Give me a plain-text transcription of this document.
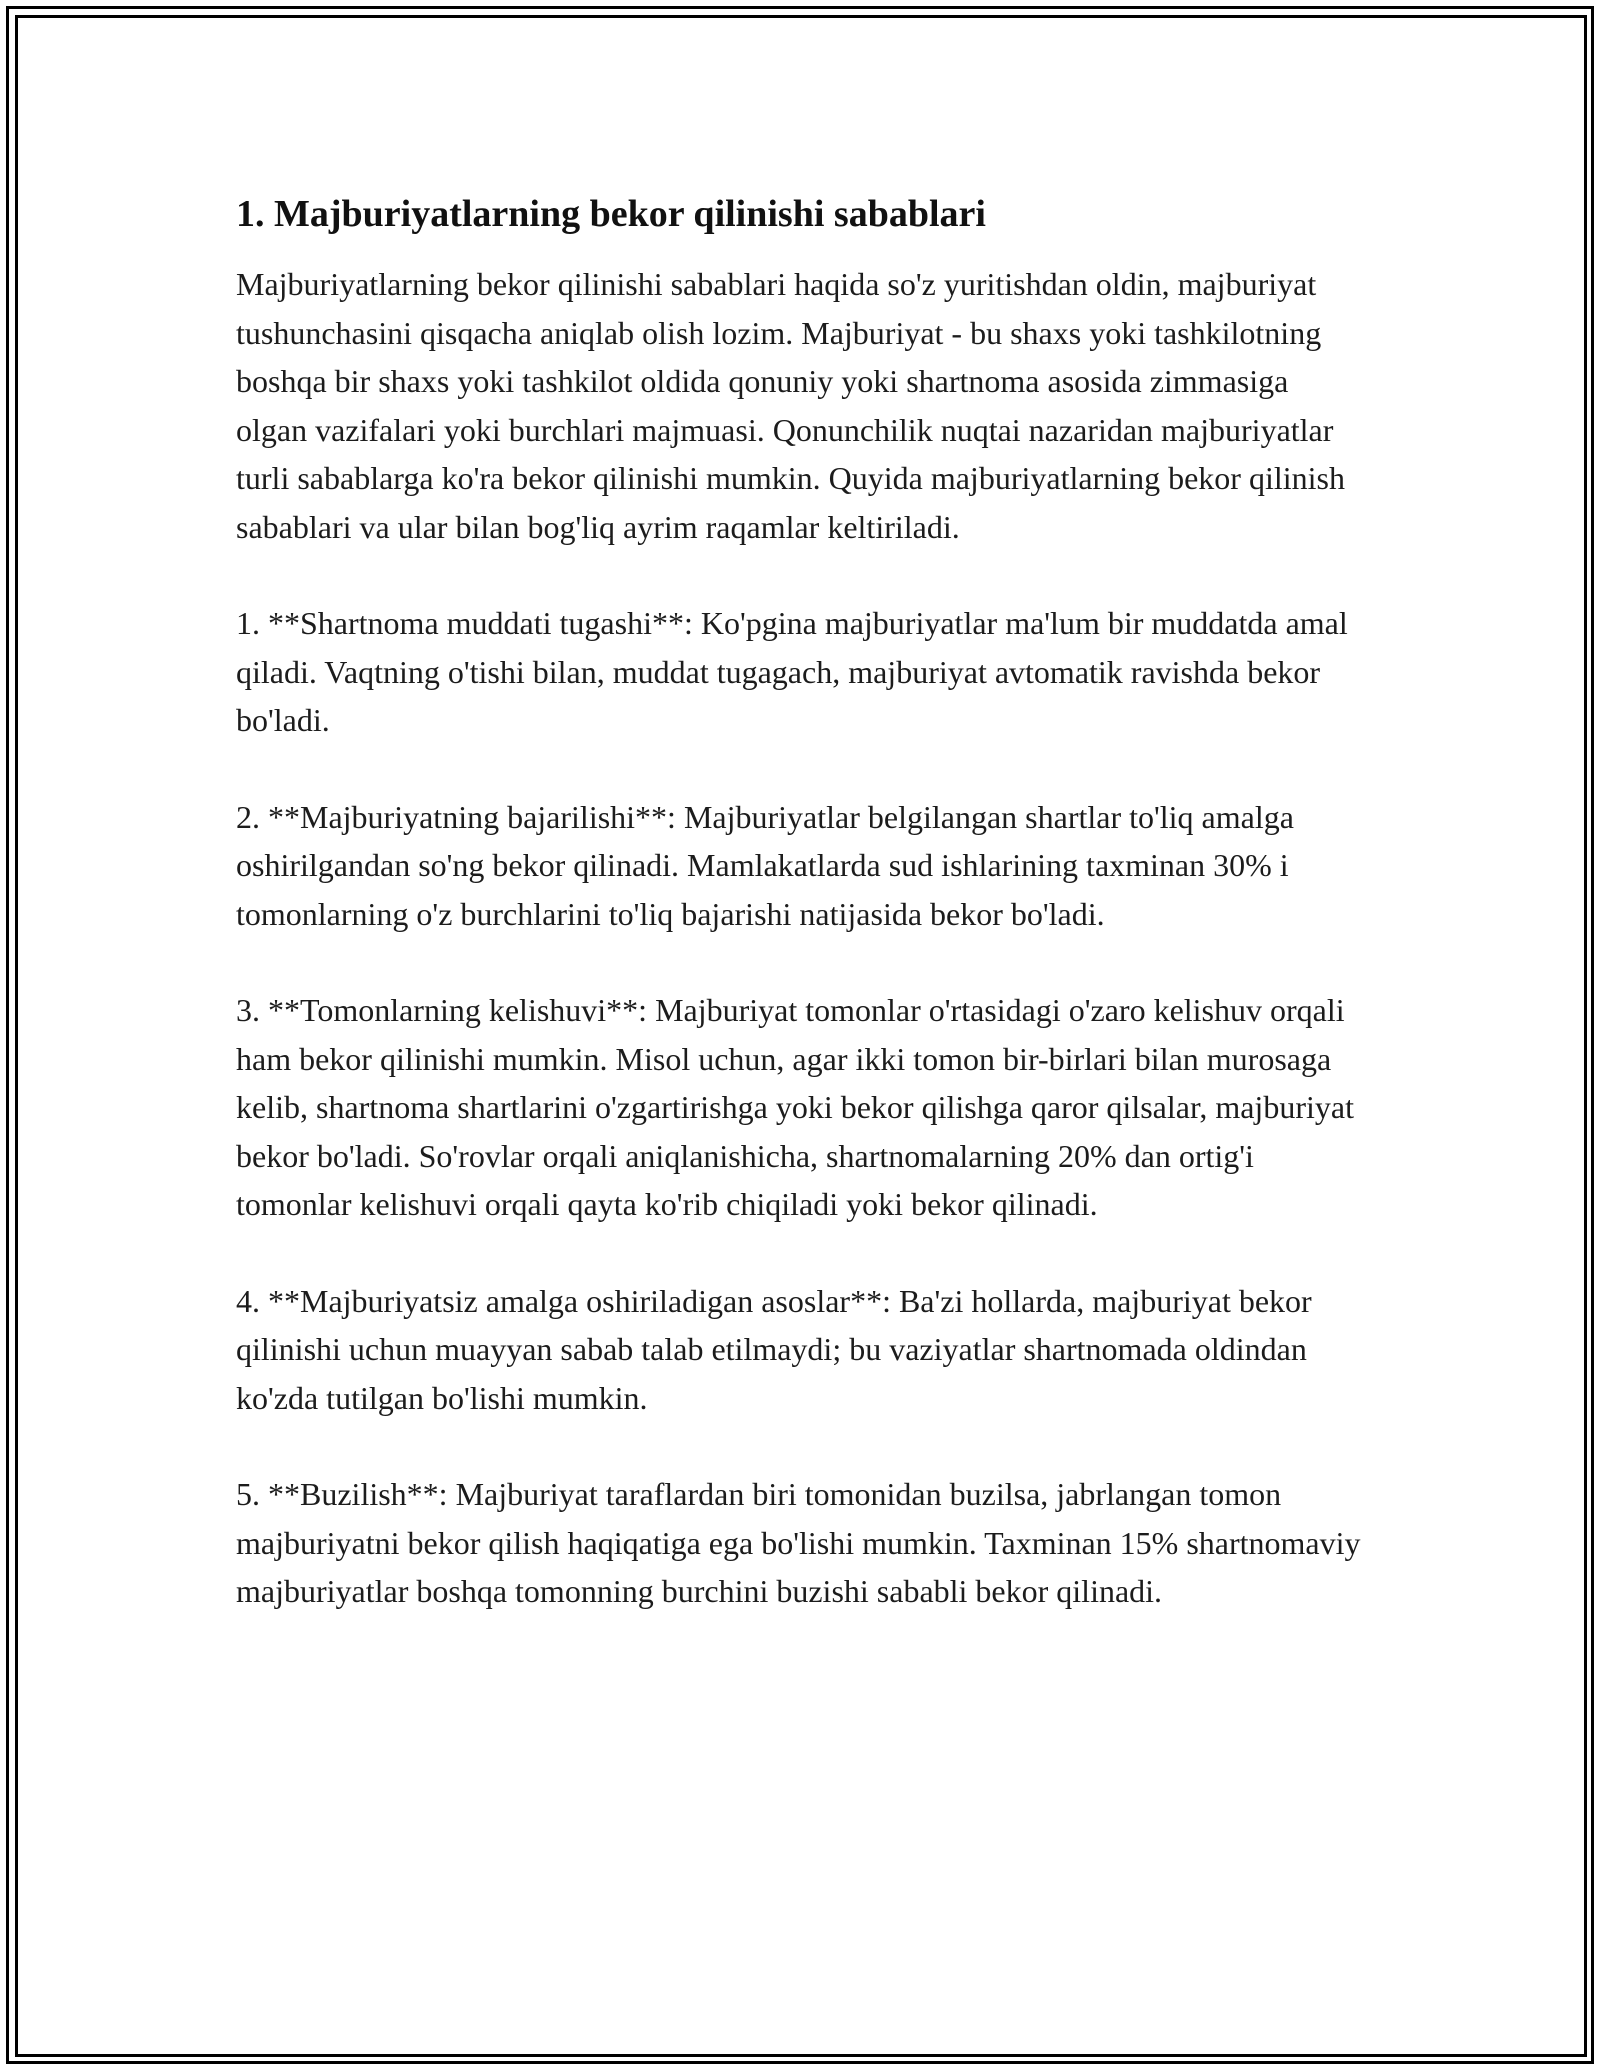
1. Majburiyatlarning bekor qilinishi sabablari

Majburiyatlarning bekor qilinishi sabablari haqida so'z yuritishdan oldin, majburiyat tushunchasini qisqacha aniqlab olish lozim. Majburiyat - bu shaxs yoki tashkilotning boshqa bir shaxs yoki tashkilot oldida qonuniy yoki shartnoma asosida zimmasiga olgan vazifalari yoki burchlari majmuasi. Qonunchilik nuqtai nazaridan majburiyatlar turli sabablarga ko'ra bekor qilinishi mumkin. Quyida majburiyatlarning bekor qilinish sabablari va ular bilan bog'liq ayrim raqamlar keltiriladi.

1. **Shartnoma muddati tugashi**: Ko'pgina majburiyatlar ma'lum bir muddatda amal qiladi. Vaqtning o'tishi bilan, muddat tugagach, majburiyat avtomatik ravishda bekor bo'ladi.

2. **Majburiyatning bajarilishi**: Majburiyatlar belgilangan shartlar to'liq amalga oshirilgandan so'ng bekor qilinadi. Mamlakatlarda sud ishlarining taxminan 30% i tomonlarning o'z burchlarini to'liq bajarishi natijasida bekor bo'ladi.

3. **Tomonlarning kelishuvi**: Majburiyat tomonlar o'rtasidagi o'zaro kelishuv orqali ham bekor qilinishi mumkin. Misol uchun, agar ikki tomon bir-birlari bilan murosaga kelib, shartnoma shartlarini o'zgartirishga yoki bekor qilishga qaror qilsalar, majburiyat bekor bo'ladi. So'rovlar orqali aniqlanishicha, shartnomalarning 20% dan ortig'i tomonlar kelishuvi orqali qayta ko'rib chiqiladi yoki bekor qilinadi.

4. **Majburiyatsiz amalga oshiriladigan asoslar**: Ba'zi hollarda, majburiyat bekor qilinishi uchun muayyan sabab talab etilmaydi; bu vaziyatlar shartnomada oldindan ko'zda tutilgan bo'lishi mumkin.

5. **Buzilish**: Majburiyat taraflardan biri tomonidan buzilsa, jabrlangan tomon majburiyatni bekor qilish haqiqatiga ega bo'lishi mumkin. Taxminan 15% shartnomaviy majburiyatlar boshqa tomonning burchini buzishi sababli bekor qilinadi.
